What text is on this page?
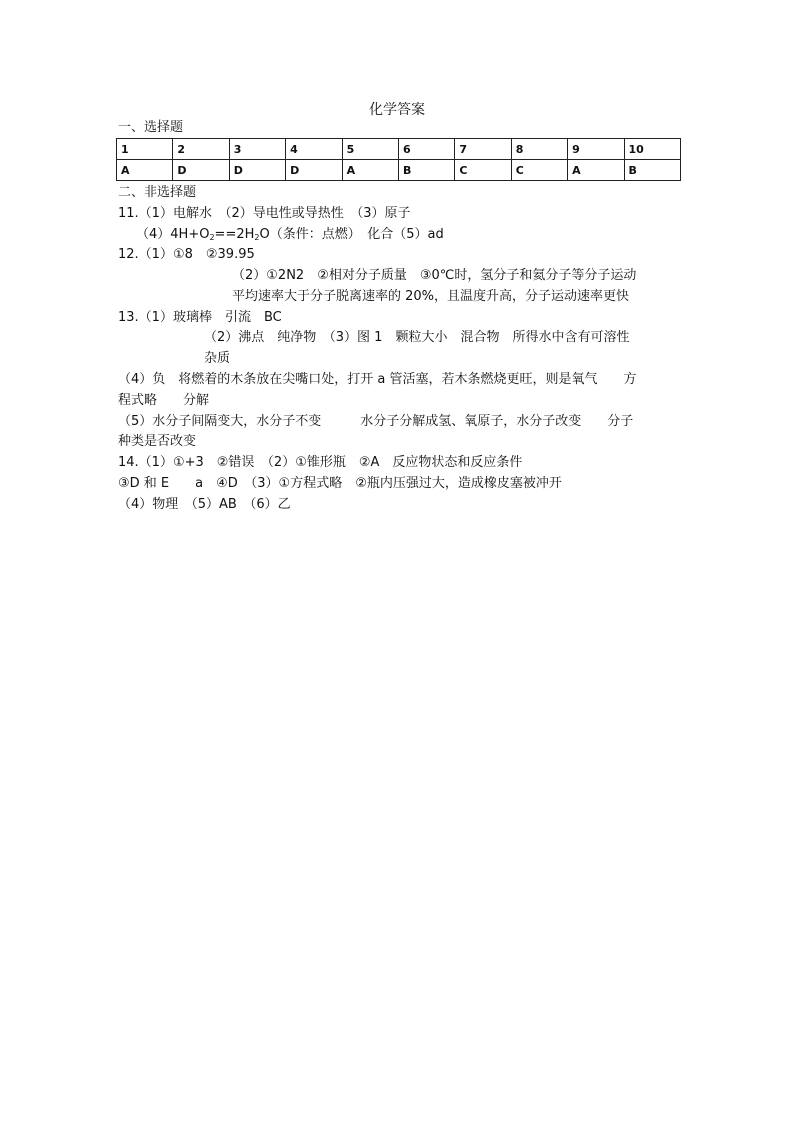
化学答案
一、选择题
1	2	3	4	5	6	7	8	9	10
A	D	D	D	A	B	C	C	A	B
二、非选择题
11.（1）电解水　（2）导电性或导热性　（3）原子
$(4)4H+O_2==2H_2O$（条件：点燃）　化合（5）ad
12.（1）①8　②39.95
（2）①2N2　②相对分子质量　③0℃时，氢分子和氦分子等分子运动
平均速率大于分子脱离速率的 20%，且温度升高，分子运动速率更快
13.（1）玻璃棒　引流　BC
（2）沸点　纯净物　（3）图 1　颗粒大小　混合物　所得水中含有可溶性
杂质
（4）负　将燃着的木条放在尖嘴口处，打开 a 管活塞，若木条燃烧更旺，则是氧气　　方
程式略　　分解
（5）水分子间隔变大，水分子不变　　　水分子分解成氢、氧原子，水分子改变　　分子
种类是否改变
14.（1）①+3　②错误　（2）①锥形瓶　②A　反应物状态和反应条件
③D 和 E　　a　④D　（3）①方程式略　②瓶内压强过大，造成橡皮塞被冲开
（4）物理　（5）AB　（6）乙
